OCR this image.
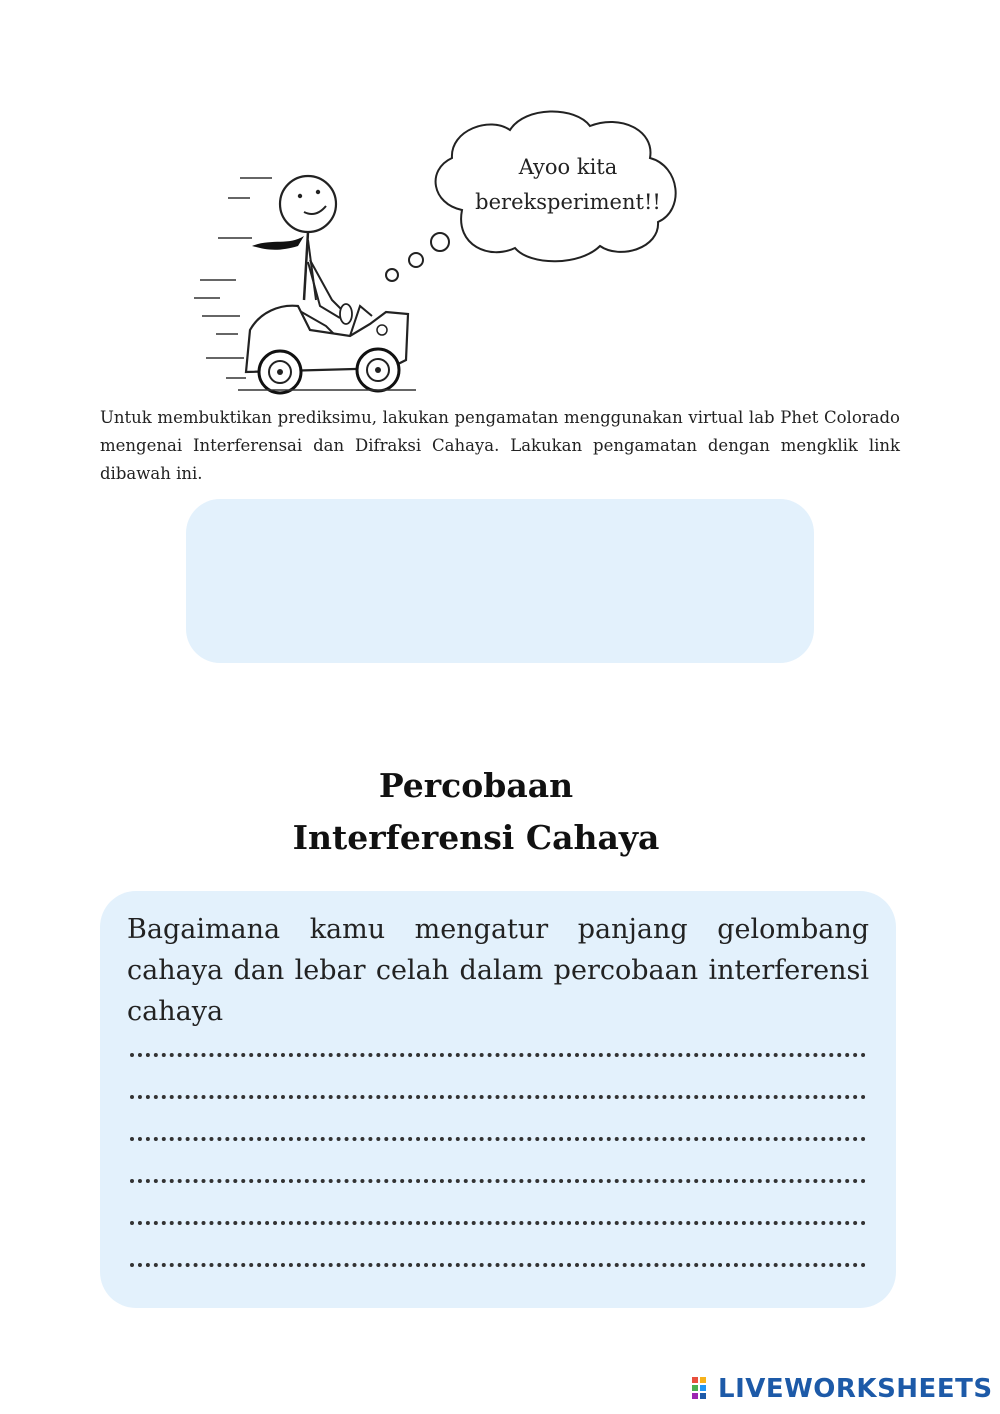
Ayoo kita
bereksperiment!!

Untuk membuktikan prediksimu, lakukan pengamatan menggunakan virtual lab Phet Colorado mengenai Interferensai dan Difraksi Cahaya. Lakukan pengamatan dengan mengklik link dibawah ini.

Percobaan
Interferensi Cahaya

Bagaimana kamu mengatur panjang gelombang cahaya dan lebar celah dalam percobaan interferensi cahaya

LIVEWORKSHEETS
